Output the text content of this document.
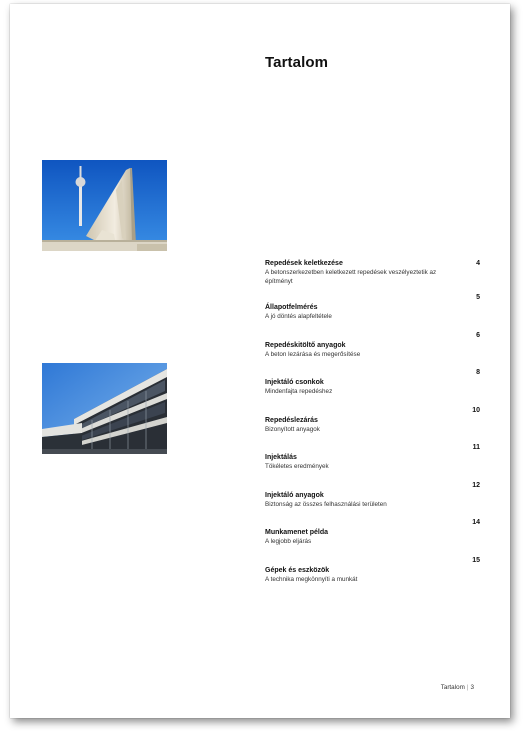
Tartalom
4
Repedések keletkezése
A betonszerkezetben keletkezett repedések veszélyeztetik az építményt
5
Állapotfelmérés
A jó döntés alapfeltétele
6
Repedéskitöltő anyagok
A beton lezárása és megerősítése
8
Injektáló csonkok
Mindenfajta repedéshez
10
Repedéslezárás
Bizonyított anyagok
11
Injektálás
Tökéletes eredmények
12
Injektáló anyagok
Biztonság az összes felhasználási területen
14
Munkamenet példa
A legjobb eljárás
15
Gépek és eszközök
A technika megkönnyíti a munkát
Tartalom | 3
